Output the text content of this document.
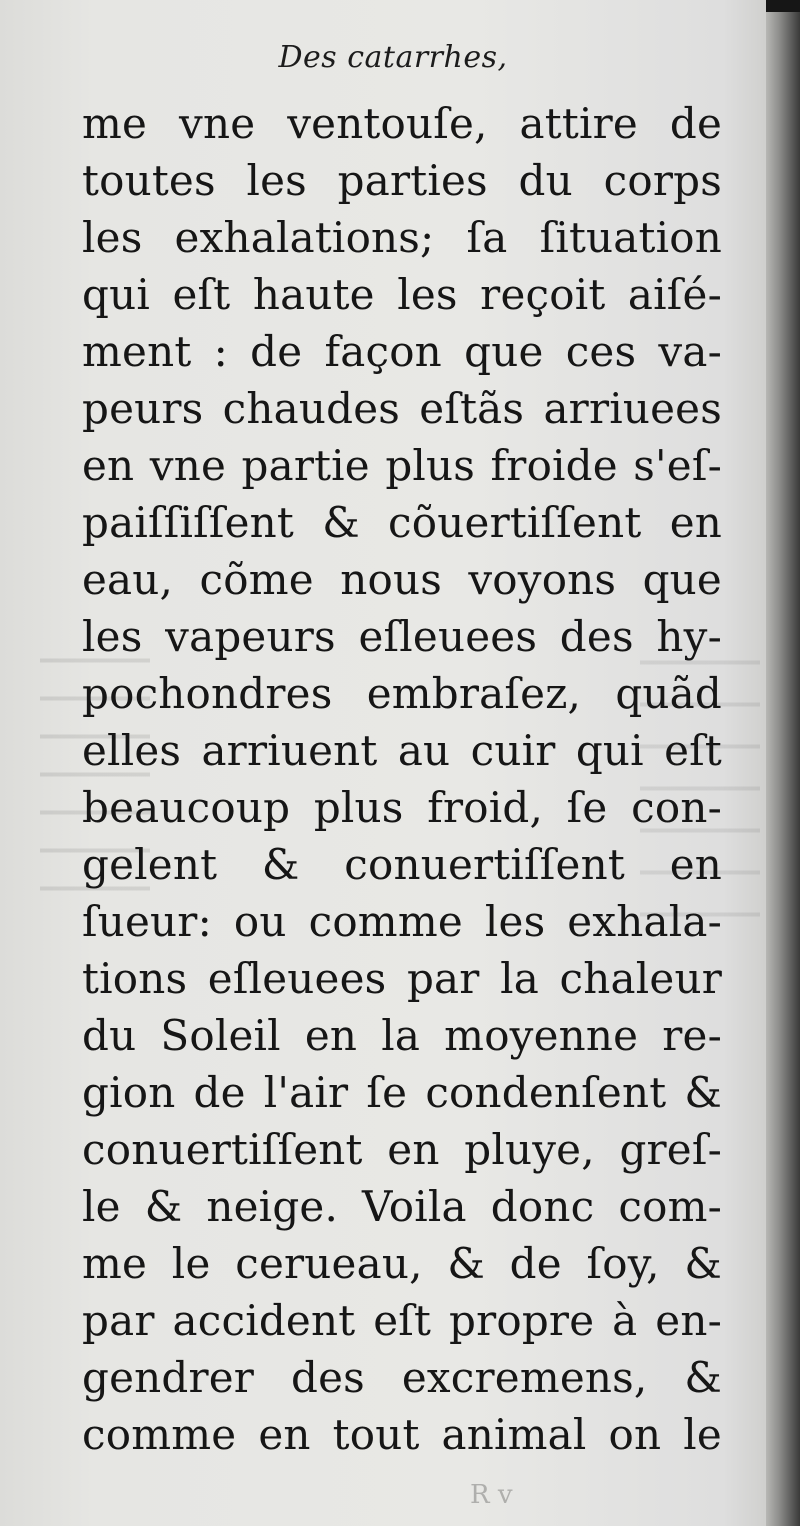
Des catarrhes,
me vne ventouſe, attire de
toutes les parties du corps
les exhalations; ſa ſituation
qui eſt haute les reçoit aiſé-
ment : de façon que ces va-
peurs chaudes eſtãs arriuees
en vne partie plus froide s'eſ-
paiſſiſſent & cõuertiſſent en
eau, cõme nous voyons que
les vapeurs eſleuees des hy-
pochondres embraſez, quãd
elles arriuent au cuir qui eſt
beaucoup plus froid, ſe con-
gelent & conuertiſſent en
ſueur: ou comme les exhala-
tions eſleuees par la chaleur
du Soleil en la moyenne re-
gion de l'air ſe condenſent &
conuertiſſent en pluye, greſ-
le & neige. Voila donc com-
me le cerueau, & de ſoy, &
par accident eſt propre à en-
gendrer des excremens, &
comme en tout animal on le
R v
